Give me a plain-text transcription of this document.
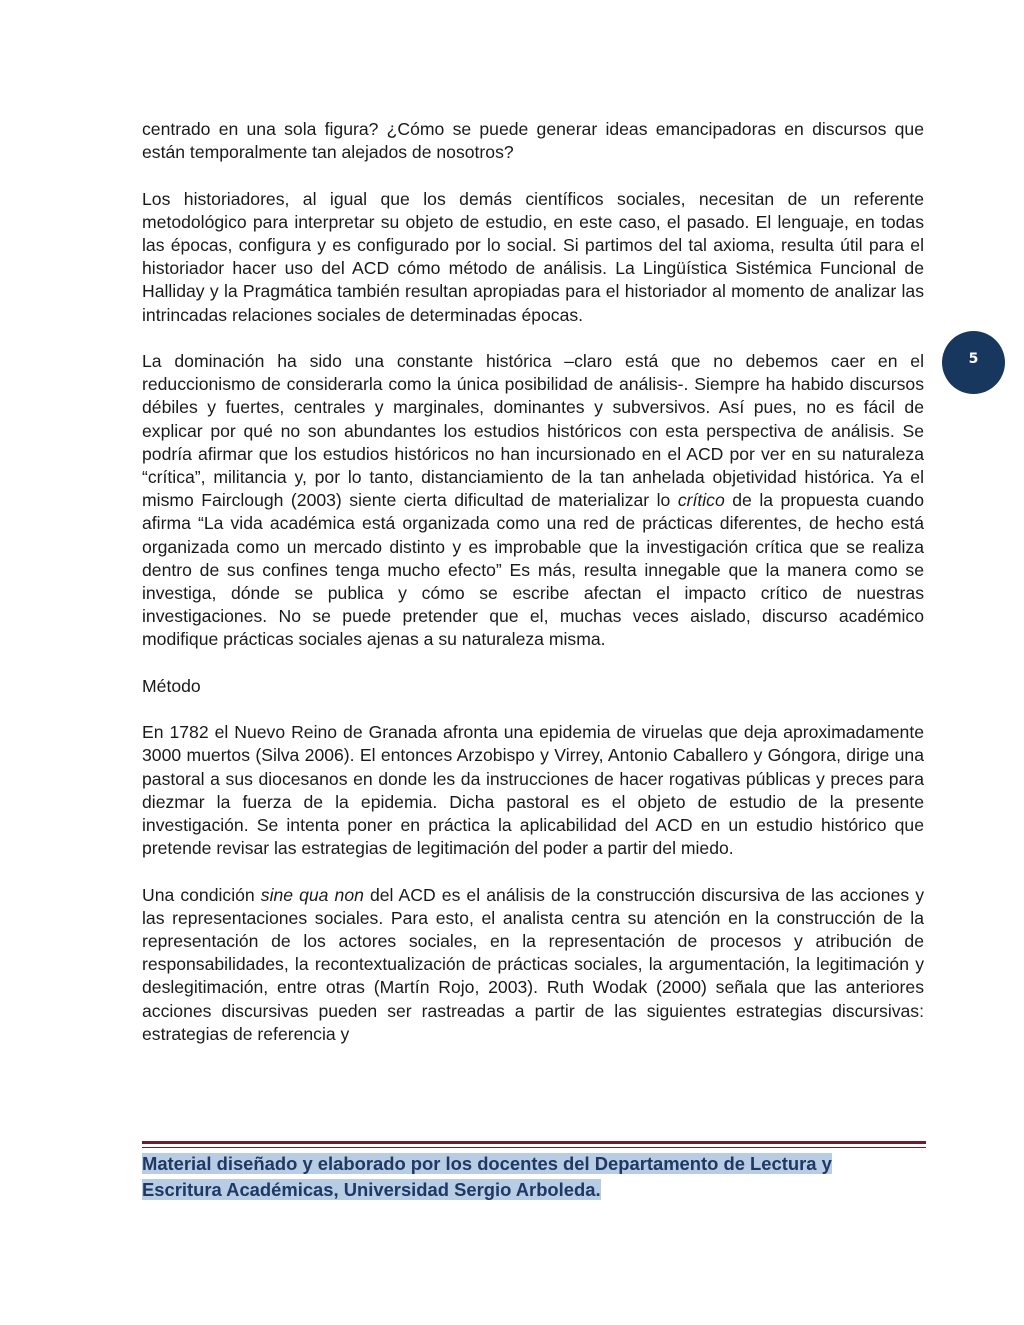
centrado en una sola figura? ¿Cómo se puede generar ideas emancipadoras en discursos que están temporalmente tan alejados de nosotros?

Los historiadores, al igual que los demás científicos sociales, necesitan de un referente metodológico para interpretar su objeto de estudio, en este caso, el pasado. El lenguaje, en todas las épocas, configura y es configurado por lo social. Si partimos del tal axioma, resulta útil para el historiador hacer uso del ACD cómo método de análisis. La Lingüística Sistémica Funcional de Halliday y la Pragmática también resultan apropiadas para el historiador al momento de analizar las intrincadas relaciones sociales de determinadas épocas.

La dominación ha sido una constante histórica –claro está que no debemos caer en el reduccionismo de considerarla como la única posibilidad de análisis-. Siempre ha habido discursos débiles y fuertes, centrales y marginales, dominantes y subversivos. Así pues, no es fácil de explicar por qué no son abundantes los estudios históricos con esta perspectiva de análisis. Se podría afirmar que los estudios históricos no han incursionado en el ACD por ver en su naturaleza “crítica”, militancia y, por lo tanto, distanciamiento de la tan anhelada objetividad histórica. Ya el mismo Fairclough (2003) siente cierta dificultad de materializar lo crítico de la propuesta cuando afirma “La vida académica está organizada como una red de prácticas diferentes, de hecho está organizada como un mercado distinto y es improbable que la investigación crítica que se realiza dentro de sus confines tenga mucho efecto” Es más, resulta innegable que la manera como se investiga, dónde se publica y cómo se escribe afectan el impacto crítico de nuestras investigaciones. No se puede pretender que el, muchas veces aislado, discurso académico modifique prácticas sociales ajenas a su naturaleza misma.

Método

En 1782 el Nuevo Reino de Granada afronta una epidemia de viruelas que deja aproximadamente 3000 muertos (Silva 2006). El entonces Arzobispo y Virrey, Antonio Caballero y Góngora, dirige una pastoral a sus diocesanos en donde les da instrucciones de hacer rogativas públicas y preces para diezmar la fuerza de la epidemia. Dicha pastoral es el objeto de estudio de la presente investigación. Se intenta poner en práctica la aplicabilidad del ACD en un estudio histórico que pretende revisar las estrategias de legitimación del poder a partir del miedo.

Una condición sine qua non del ACD es el análisis de la construcción discursiva de las acciones y las representaciones sociales. Para esto, el analista centra su atención en la construcción de la representación de los actores sociales, en la representación de procesos y atribución de responsabilidades, la recontextualización de prácticas sociales, la argumentación, la legitimación y deslegitimación, entre otras (Martín Rojo, 2003). Ruth Wodak (2000) señala que las anteriores acciones discursivas pueden ser rastreadas a partir de las siguientes estrategias discursivas: estrategias de referencia y

5
Material diseñado y elaborado por los docentes del Departamento de Lectura y
Escritura Académicas, Universidad Sergio Arboleda.
